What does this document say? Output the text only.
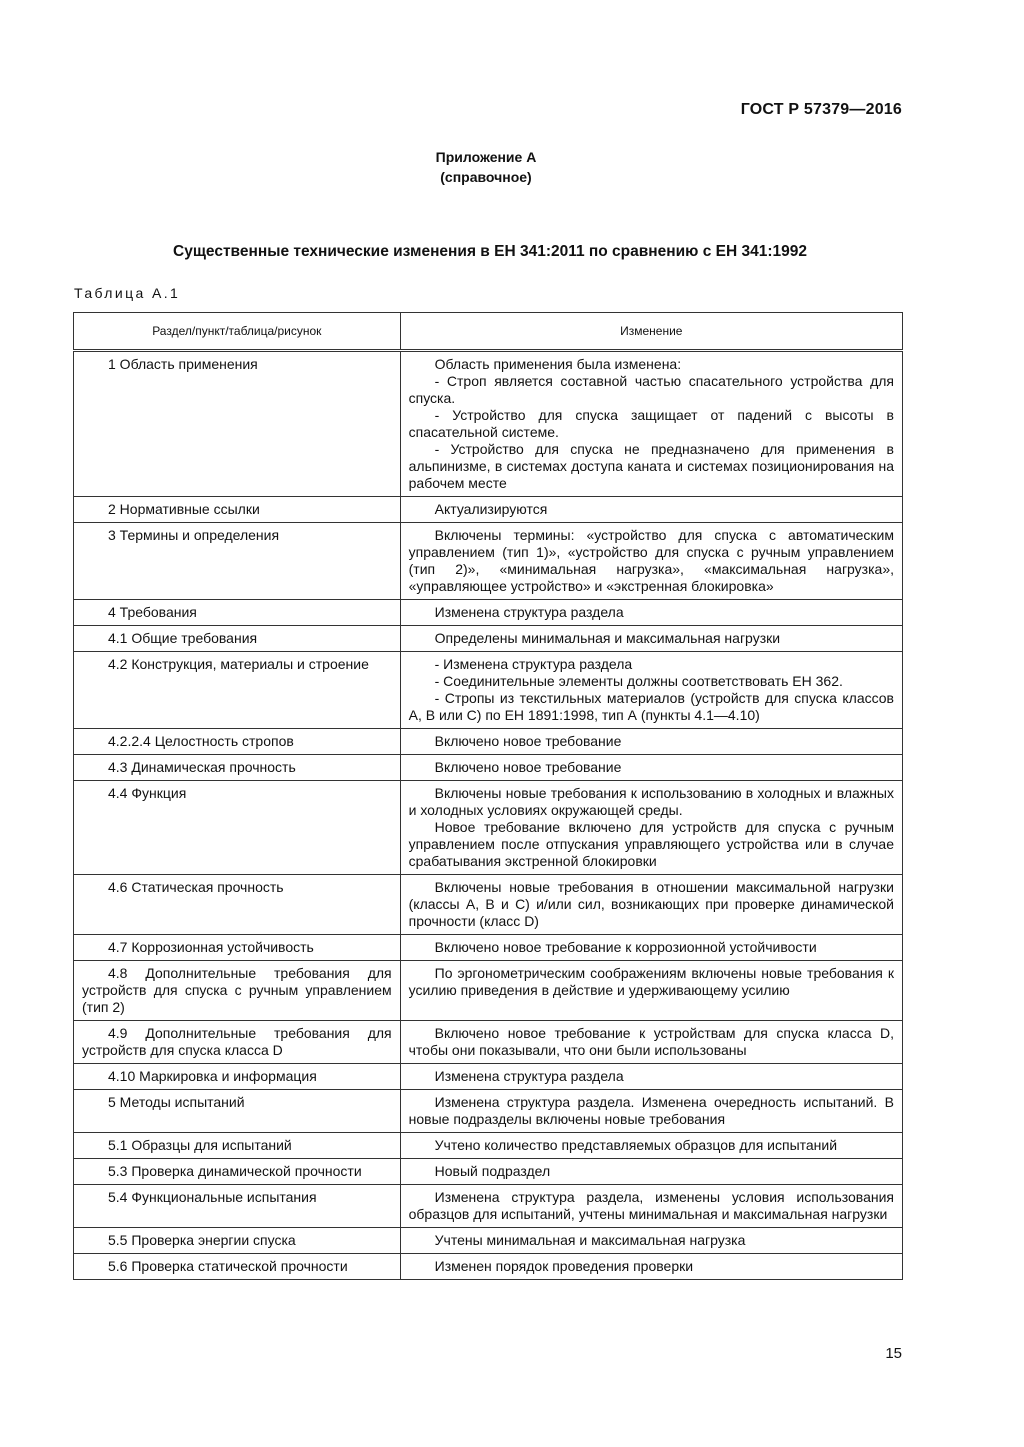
ГОСТ Р 57379—2016
Приложение А
(справочное)
Существенные технические изменения в ЕН 341:2011 по сравнению с ЕН 341:1992
Таблица А.1
Раздел/пункт/таблица/рисунок	Изменение
1 Область применения	Область применения была изменена:
- Строп является составной частью спасательного устройства для спуска.
- Устройство для спуска защищает от падений с высоты в спасательной системе.
- Устройство для спуска не предназначено для применения в альпинизме, в системах доступа каната и системах позиционирования на рабочем месте

2 Нормативные ссылки	Актуализируются

3 Термины и определения	Включены термины: «устройство для спуска с автоматическим управлением (тип 1)», «устройство для спуска с ручным управлением (тип 2)», «минимальная нагрузка», «максимальная нагрузка», «управляющее устройство» и «экстренная блокировка»

4 Требования	Изменена структура раздела

4.1 Общие требования	Определены минимальная и максимальная нагрузки

4.2 Конструкция, материалы и строение	- Изменена структура раздела
- Соединительные элементы должны соответствовать ЕН 362.
- Стропы из текстильных материалов (устройств для спуска классов А, В или С) по ЕН 1891:1998, тип А (пункты 4.1—4.10)

4.2.2.4 Целостность стропов	Включено новое требование

4.3 Динамическая прочность	Включено новое требование

4.4 Функция	Включены новые требования к использованию в холодных и влажных и холодных условиях окружающей среды.
Новое требование включено для устройств для спуска с ручным управлением после отпускания управляющего устройства или в случае срабатывания экстренной блокировки

4.6 Статическая прочность	Включены новые требования в отношении максимальной нагрузки (классы А, В и С) и/или сил, возникающих при проверке динамической прочности (класс D)

4.7 Коррозионная устойчивость	Включено новое требование к коррозионной устойчивости

4.8 Дополнительные требования для устройств для спуска с ручным управлением (тип 2)	По эргонометрическим соображениям включены новые требования к усилию приведения в действие и удерживающему усилию

4.9 Дополнительные требования для устройств для спуска класса D	Включено новое требование к устройствам для спуска класса D, чтобы они показывали, что они были использованы

4.10 Маркировка и информация	Изменена структура раздела

5 Методы испытаний	Изменена структура раздела. Изменена очередность испытаний. В новые подразделы включены новые требования

5.1 Образцы для испытаний	Учтено количество представляемых образцов для испытаний

5.3 Проверка динамической прочности	Новый подраздел

5.4 Функциональные испытания	Изменена структура раздела, изменены условия использования образцов для испытаний, учтены минимальная и максимальная нагрузки

5.5 Проверка энергии спуска	Учтены минимальная и максимальная нагрузка

5.6 Проверка статической прочности	Изменен порядок проведения проверки
15
